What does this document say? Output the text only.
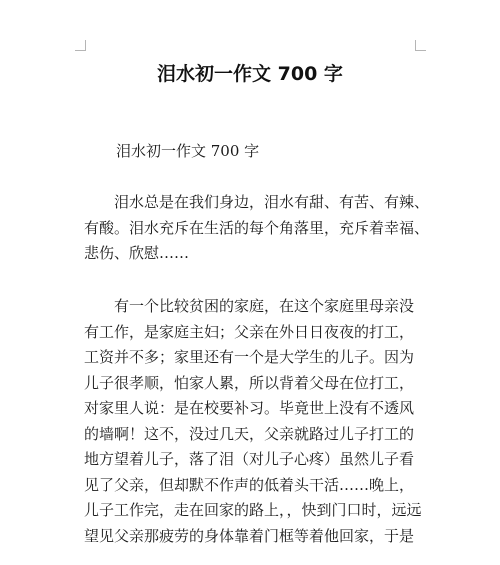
泪水初一作文 700 字
泪水初一作文 700 字
　　泪水总是在我们身边，泪水有甜、有苦、有辣、
有酸。泪水充斥在生活的每个角落里，充斥着幸福、
悲伤、欣慰……
　　有一个比较贫困的家庭，在这个家庭里母亲没
有工作，是家庭主妇；父亲在外日日夜夜的打工，
工资并不多；家里还有一个是大学生的儿子。因为
儿子很孝顺，怕家人累，所以背着父母在位打工，
对家里人说：是在校要补习。毕竟世上没有不透风
的墙啊！这不，没过几天，父亲就路过儿子打工的
地方望着儿子，落了泪（对儿子心疼）虽然儿子看
见了父亲，但却默不作声的低着头干活……晚上，
儿子工作完，走在回家的路上，，快到门口时，远远
望见父亲那疲劳的身体靠着门框等着他回家，于是
